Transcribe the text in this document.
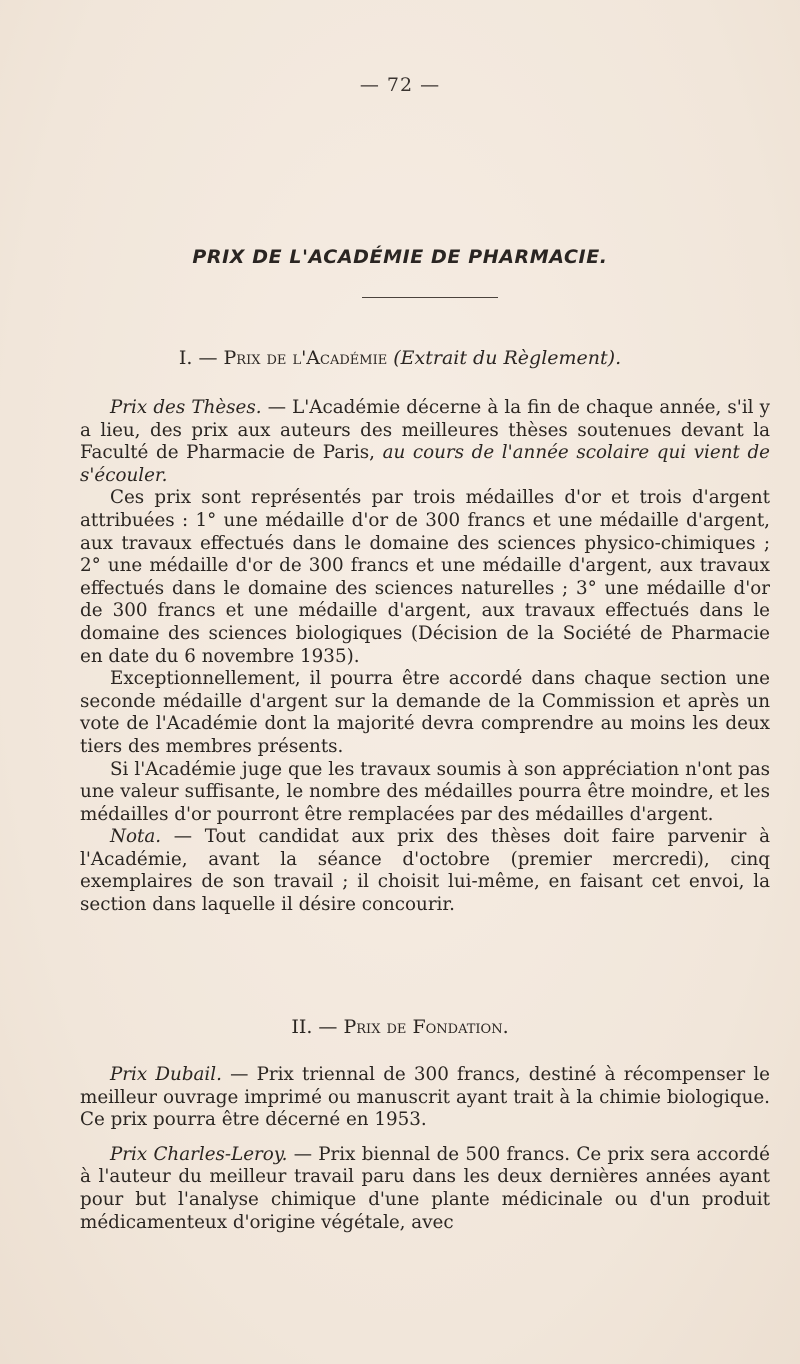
— 72 —
PRIX DE L'ACADÉMIE DE PHARMACIE.
I. — Prix de l'Académie (Extrait du Règlement).

Prix des Thèses. — L'Académie décerne à la fin de chaque année, s'il y a lieu, des prix aux auteurs des meilleures thèses soutenues devant la Faculté de Pharmacie de Paris, au cours de l'année scolaire qui vient de s'écouler.

Ces prix sont représentés par trois médailles d'or et trois d'argent attribuées : 1° une médaille d'or de 300 francs et une médaille d'argent, aux travaux effectués dans le domaine des sciences physico-chimiques ; 2° une médaille d'or de 300 francs et une médaille d'argent, aux travaux effectués dans le domaine des sciences naturelles ; 3° une médaille d'or de 300 francs et une médaille d'argent, aux travaux effectués dans le domaine des sciences biologiques (Décision de la Société de Pharmacie en date du 6 novembre 1935).

Exceptionnellement, il pourra être accordé dans chaque section une seconde médaille d'argent sur la demande de la Commission et après un vote de l'Académie dont la majorité devra comprendre au moins les deux tiers des membres présents.

Si l'Académie juge que les travaux soumis à son appréciation n'ont pas une valeur suffisante, le nombre des médailles pourra être moindre, et les médailles d'or pourront être remplacées par des médailles d'argent.

Nota. — Tout candidat aux prix des thèses doit faire parvenir à l'Académie, avant la séance d'octobre (premier mercredi), cinq exemplaires de son travail ; il choisit lui-même, en faisant cet envoi, la section dans laquelle il désire concourir.

II. — Prix de Fondation.

Prix Dubail. — Prix triennal de 300 francs, destiné à récompenser le meilleur ouvrage imprimé ou manuscrit ayant trait à la chimie biologique. Ce prix pourra être décerné en 1953.

Prix Charles-Leroy. — Prix biennal de 500 francs. Ce prix sera accordé à l'auteur du meilleur travail paru dans les deux dernières années ayant pour but l'analyse chimique d'une plante médicinale ou d'un produit médicamenteux d'origine végétale, avec
